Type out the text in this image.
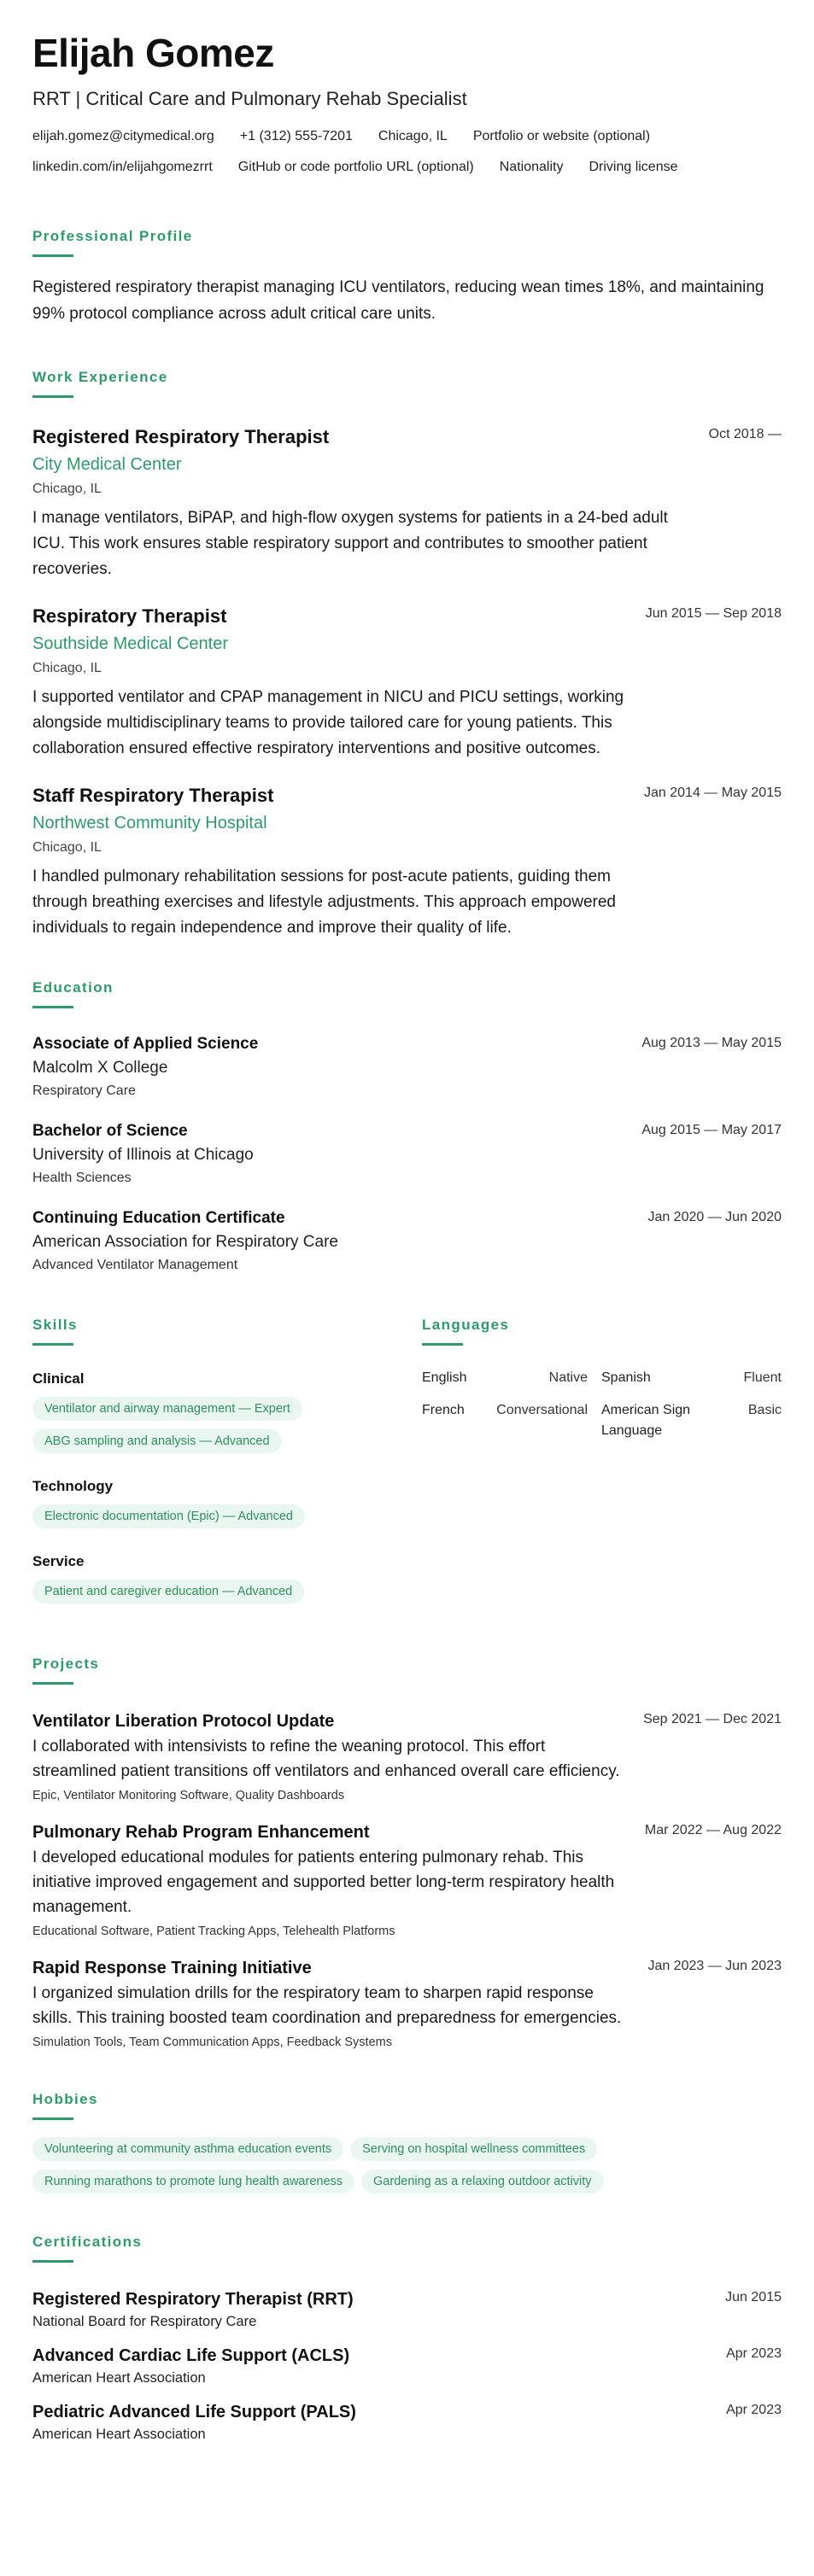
Elijah Gomez
RRT | Critical Care and Pulmonary Rehab Specialist
elijah.gomez@citymedical.org +1 (312) 555-7201 Chicago, IL Portfolio or website (optional)
linkedin.com/in/elijahgomezrrt GitHub or code portfolio URL (optional) Nationality Driving license
Professional Profile
Registered respiratory therapist managing ICU ventilators, reducing wean times 18%, and maintaining 99% protocol compliance across adult critical care units.
Work Experience
Oct 2018 —
Registered Respiratory Therapist
City Medical Center
Chicago, IL
I manage ventilators, BiPAP, and high-flow oxygen systems for patients in a 24-bed adult ICU. This work ensures stable respiratory support and contributes to smoother patient recoveries.
Jun 2015 — Sep 2018
Respiratory Therapist
Southside Medical Center
Chicago, IL
I supported ventilator and CPAP management in NICU and PICU settings, working alongside multidisciplinary teams to provide tailored care for young patients. This collaboration ensured effective respiratory interventions and positive outcomes.
Jan 2014 — May 2015
Staff Respiratory Therapist
Northwest Community Hospital
Chicago, IL
I handled pulmonary rehabilitation sessions for post-acute patients, guiding them through breathing exercises and lifestyle adjustments. This approach empowered individuals to regain independence and improve their quality of life.
Education
Aug 2013 — May 2015
Associate of Applied Science
Malcolm X College
Respiratory Care
Aug 2015 — May 2017
Bachelor of Science
University of Illinois at Chicago
Health Sciences
Jan 2020 — Jun 2020
Continuing Education Certificate
American Association for Respiratory Care
Advanced Ventilator Management
Skills
Clinical
Ventilator and airway management — Expert
ABG sampling and analysis — Advanced
Technology
Electronic documentation (Epic) — Advanced
Service
Patient and caregiver education — Advanced
Languages
English	Native Spanish	Fluent
French Conversational American Sign Language
Basic
Projects
Sep 2021 — Dec 2021
Ventilator Liberation Protocol Update
I collaborated with intensivists to refine the weaning protocol. This effort streamlined patient transitions off ventilators and enhanced overall care efficiency.
Epic, Ventilator Monitoring Software, Quality Dashboards
Mar 2022 — Aug 2022
Pulmonary Rehab Program Enhancement
I developed educational modules for patients entering pulmonary rehab. This initiative improved engagement and supported better long-term respiratory health management.
Educational Software, Patient Tracking Apps, Telehealth Platforms
Jan 2023 — Jun 2023
Rapid Response Training Initiative
I organized simulation drills for the respiratory team to sharpen rapid response skills. This training boosted team coordination and preparedness for emergencies.
Simulation Tools, Team Communication Apps, Feedback Systems
Hobbies
Volunteering at community asthma education events Serving on hospital wellness committees
Running marathons to promote lung health awareness Gardening as a relaxing outdoor activity
Certifications
Jun 2015
Registered Respiratory Therapist (RRT)
National Board for Respiratory Care
Apr 2023
Advanced Cardiac Life Support (ACLS)
American Heart Association
Apr 2023
Pediatric Advanced Life Support (PALS)
American Heart Association
